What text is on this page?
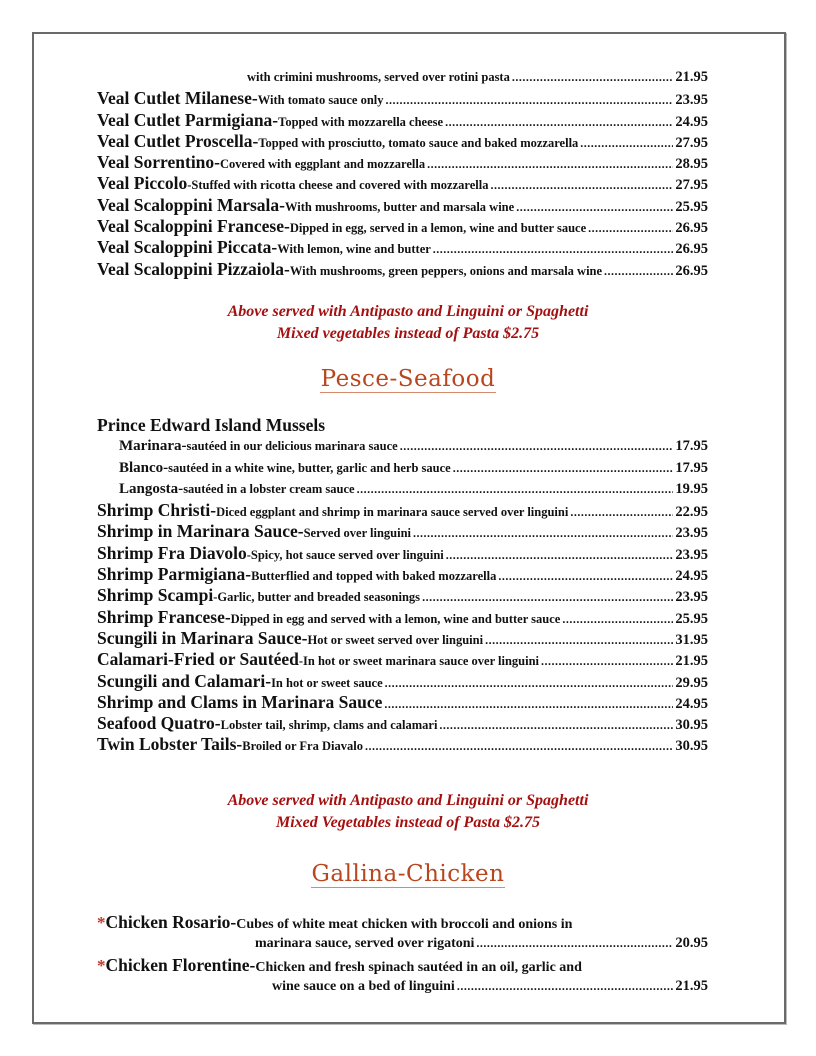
with crimini mushrooms, served over rotini pasta .....	21.95
Veal Cutlet Milanese- With tomato sauce only .....	23.95
Veal Cutlet Parmigiana- Topped with mozzarella cheese .....	24.95
Veal Cutlet Proscella- Topped with prosciutto, tomato sauce and baked mozzarella .....	27.95
Veal Sorrentino- Covered with eggplant and mozzarella .....	28.95
Veal Piccolo -Stuffed with ricotta cheese and covered with mozzarella .....	27.95
Veal Scaloppini Marsala- With mushrooms, butter and marsala wine .....	25.95
Veal Scaloppini Francese- Dipped in egg, served in a lemon, wine and butter sauce .....	26.95
Veal Scaloppini Piccata- With lemon, wine and butter .....	26.95
Veal Scaloppini Pizzaiola- With mushrooms, green peppers, onions and marsala wine .....	26.95
Above served with Antipasto and Linguini or Spaghetti
Mixed vegetables instead of Pasta $2.75
Pesce-Seafood
Prince Edward Island Mussels
Marinara- sautéed in our delicious marinara sauce .....	17.95
Blanco- sautéed in a white wine, butter, garlic and herb sauce .....	17.95
Langosta- sautéed in a lobster cream sauce .....	19.95
Shrimp Christi- Diced eggplant and shrimp in marinara sauce served over linguini .....	22.95
Shrimp in Marinara Sauce- Served over linguini .....	23.95
Shrimp Fra Diavolo -Spicy, hot sauce served over linguini .....	23.95
Shrimp Parmigiana- Butterflied and topped with baked mozzarella .....	24.95
Shrimp Scampi -Garlic, butter and breaded seasonings .....	23.95
Shrimp Francese- Dipped in egg and served with a lemon, wine and butter sauce .....	25.95
Scungili in Marinara Sauce- Hot or sweet served over linguini .....	31.95
Calamari-Fried or Sautéed -In hot or sweet marinara sauce over linguini .....	21.95
Scungili and Calamari- In hot or sweet sauce .....	29.95
Shrimp and Clams in Marinara Sauce .....	24.95
Seafood Quatro- Lobster tail, shrimp, clams and calamari .....	30.95
Twin Lobster Tails- Broiled or Fra Diavalo .....	30.95
Above served with Antipasto and Linguini or Spaghetti
Mixed Vegetables instead of Pasta $2.75
Gallina-Chicken
* Chicken Rosario- Cubes of white meat chicken with broccoli and onions in
marinara sauce, served over rigatoni .....	20.95
* Chicken Florentine- Chicken and fresh spinach sautéed in an oil, garlic and
wine sauce on a bed of linguini .....	21.95
